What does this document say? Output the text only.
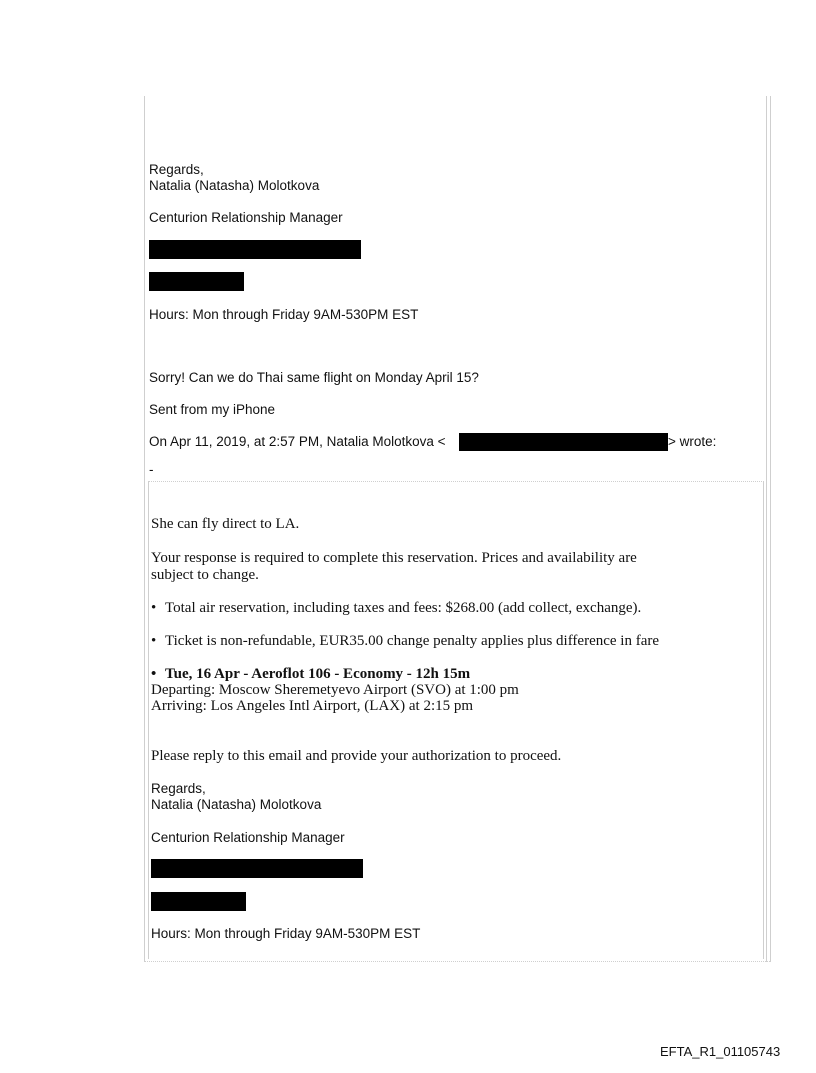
Regards,

Natalia (Natasha) Molotkova

Centurion Relationship Manager

Hours: Mon through Friday 9AM-530PM EST

Sorry! Can we do Thai same flight on Monday April 15?

Sent from my iPhone

On Apr 11, 2019, at 2:57 PM, Natalia Molotkova <	> wrote:

-

She can fly direct to LA.

Your response is required to complete this reservation. Prices and availability are

subject to change.

• Total air reservation, including taxes and fees: $268.00 (add collect, exchange).

• Ticket is non-refundable, EUR35.00 change penalty applies plus difference in fare

• Tue, 16 Apr - Aeroflot 106 - Economy - 12h 15m

Departing: Moscow Sheremetyevo Airport (SVO) at 1:00 pm

Arriving: Los Angeles Intl Airport, (LAX) at 2:15 pm

Please reply to this email and provide your authorization to proceed.

Regards,

Natalia (Natasha) Molotkova

Centurion Relationship Manager

Hours: Mon through Friday 9AM-530PM EST

EFTA_R1_01105743
